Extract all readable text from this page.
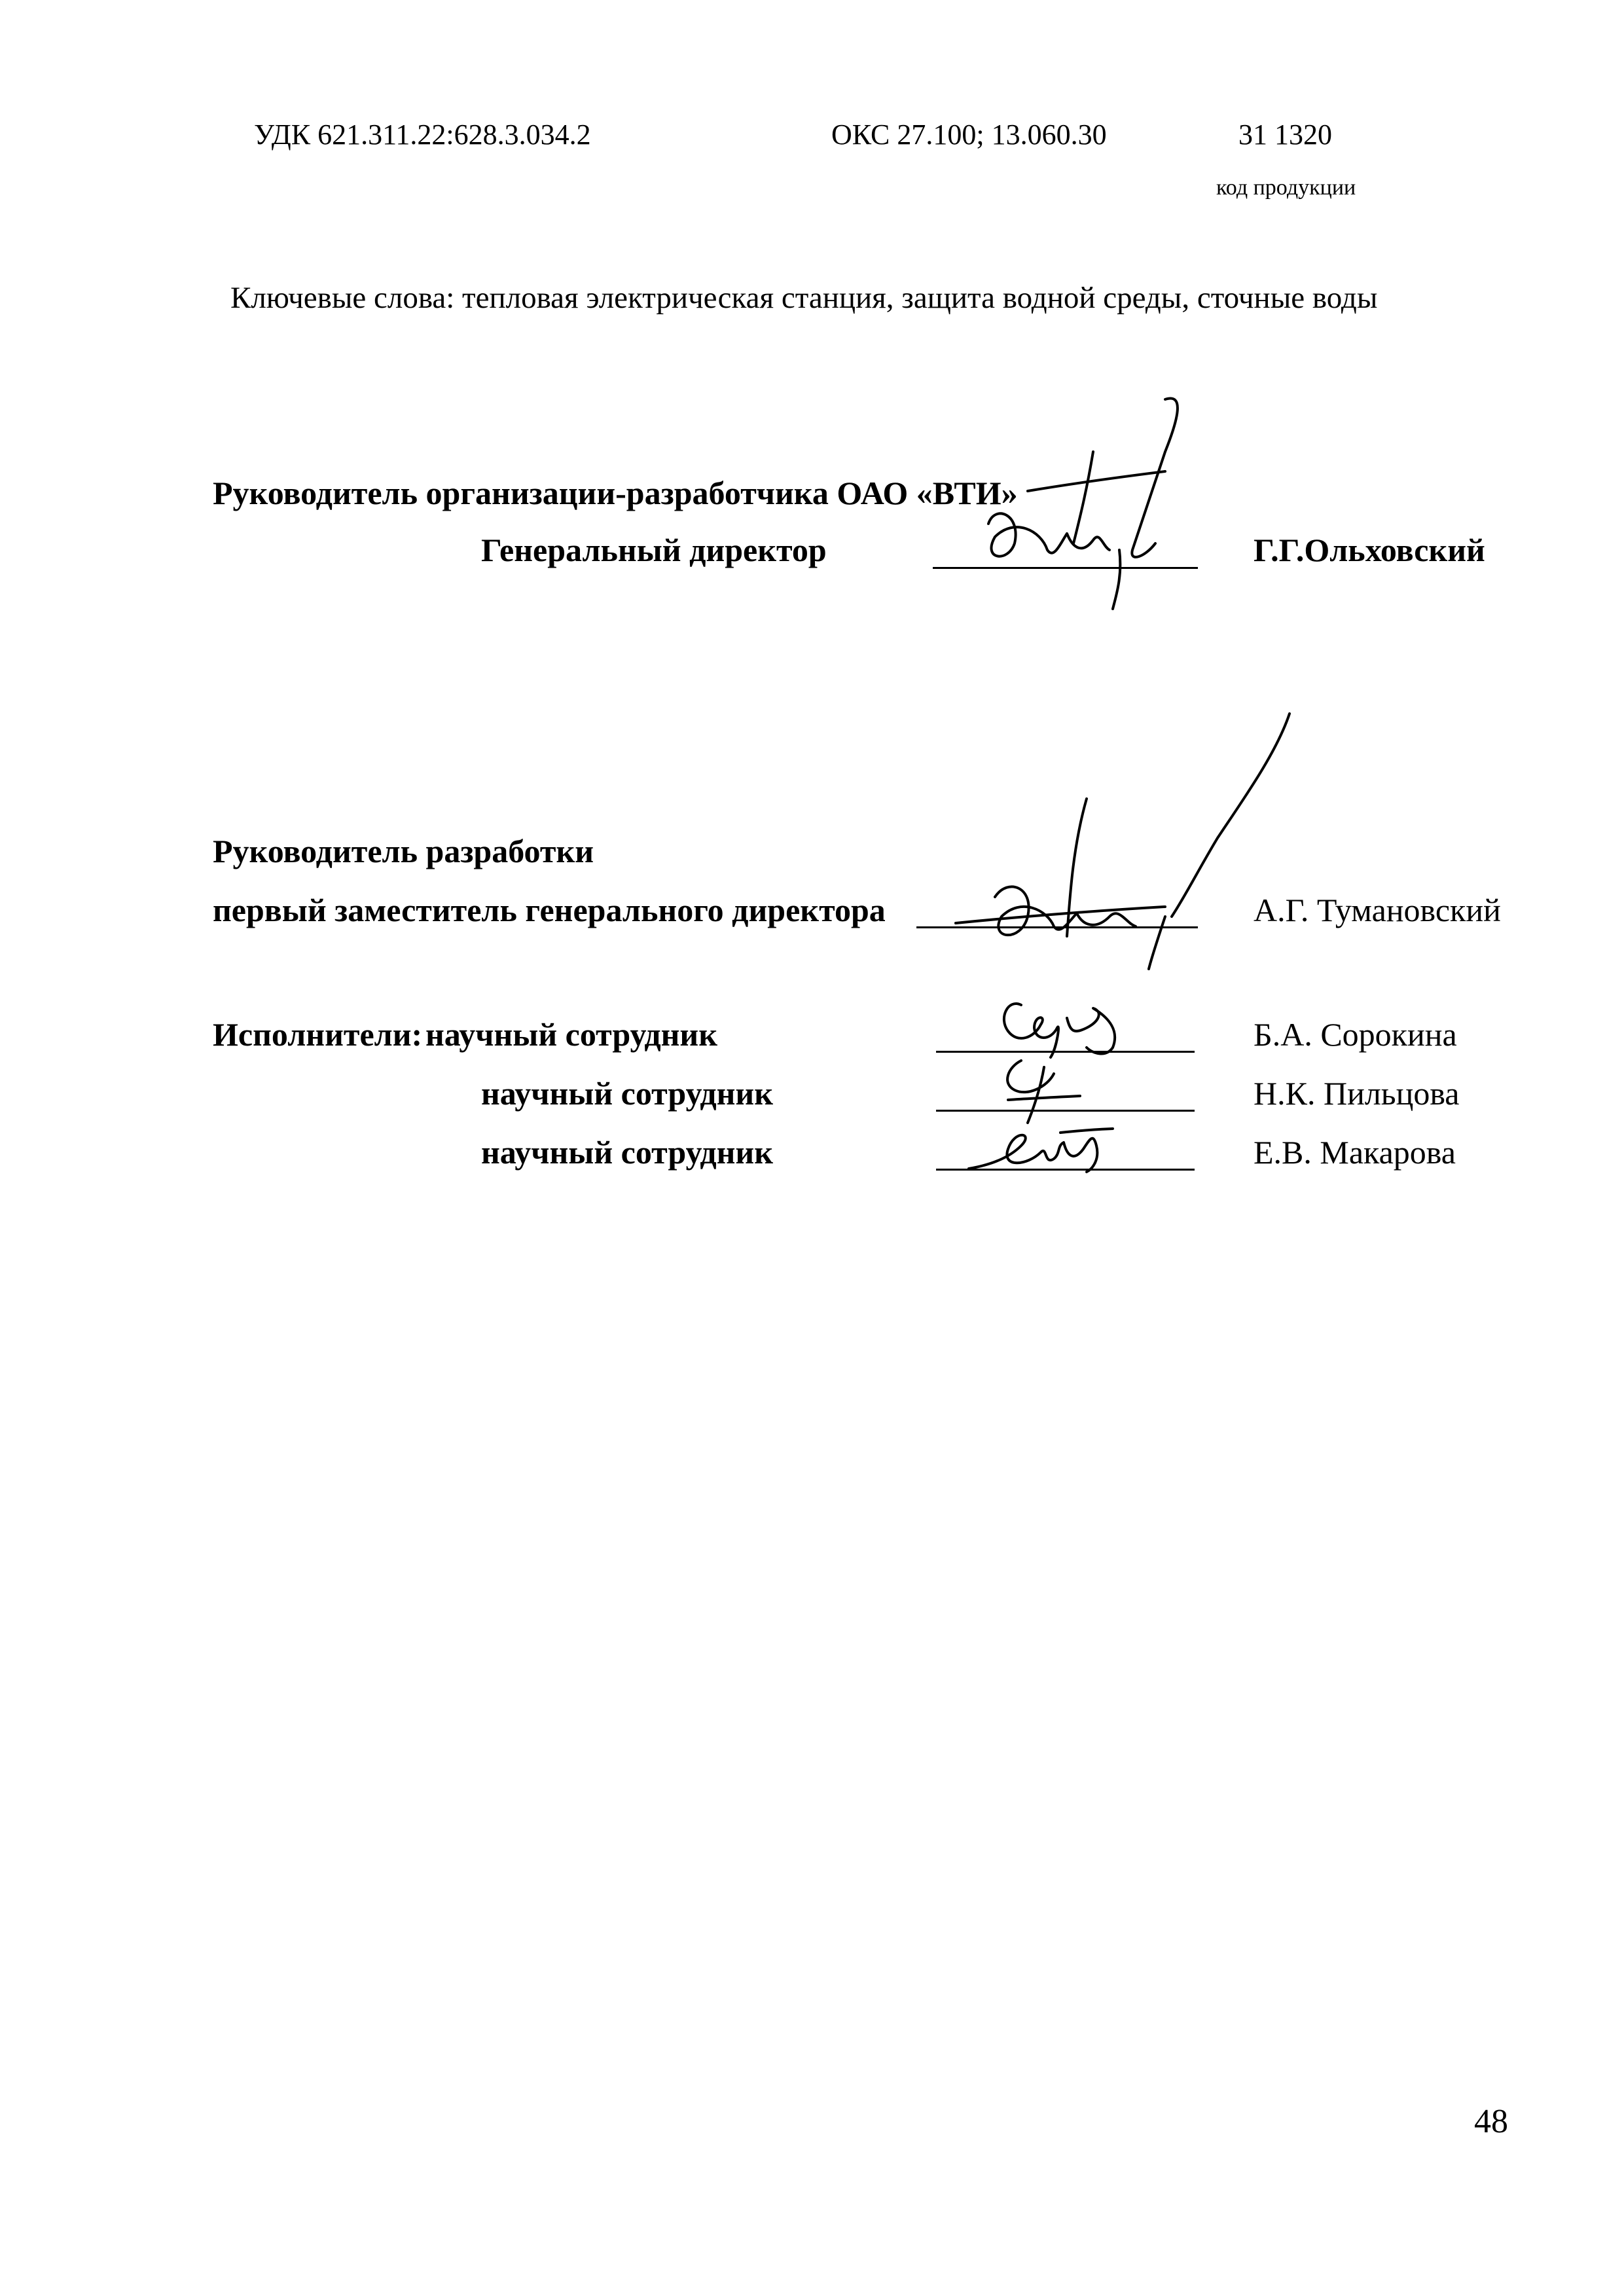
УДК 621.311.22:628.3.034.2	ОКС 27.100; 13.060.30	31 1320
код продукции
Ключевые слова: тепловая электрическая станция, защита водной среды, сточные воды
Руководитель организации-разработчика ОАО «ВТИ»
Генеральный директор	Г.Г.Ольховский
Руководитель разработки
первый заместитель генерального директора	А.Г. Тумановский
Исполнители: научный сотрудник	Б.А. Сорокина
научный сотрудник	Н.К. Пильцова
научный сотрудник	Е.В. Макарова
48
